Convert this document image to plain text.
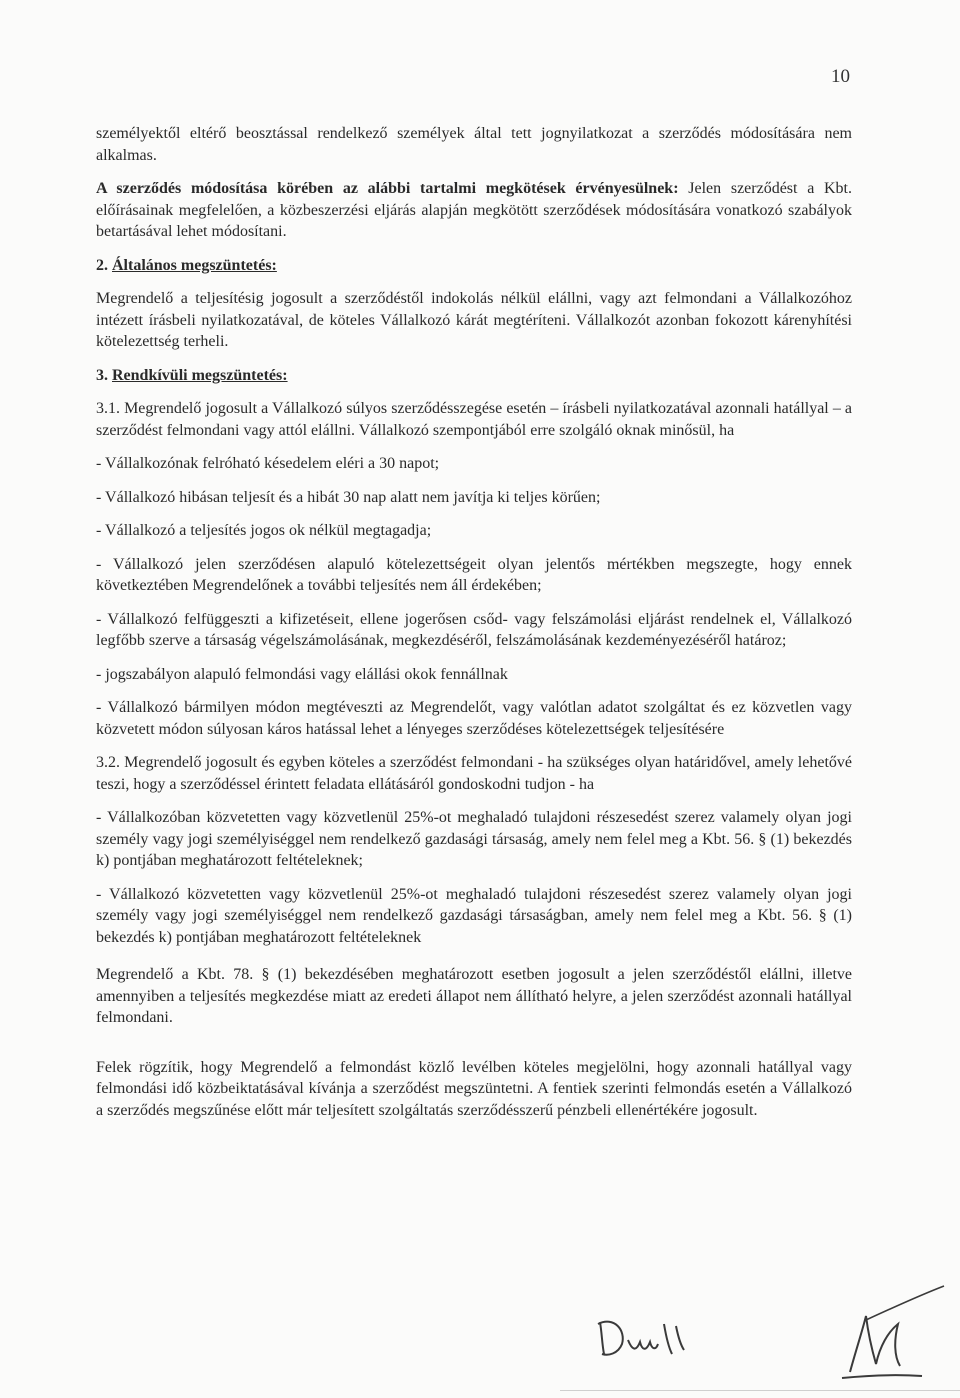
10

személyektől eltérő beosztással rendelkező személyek által tett jognyilatkozat a szerződés módosítására nem alkalmas.

A szerződés módosítása körében az alábbi tartalmi megkötések érvényesülnek: Jelen szerződést a Kbt. előírásainak megfelelően, a közbeszerzési eljárás alapján megkötött szerződések módosítására vonatkozó szabályok betartásával lehet módosítani.

2. Általános megszüntetés:

Megrendelő a teljesítésig jogosult a szerződéstől indokolás nélkül elállni, vagy azt felmondani a Vállalkozóhoz intézett írásbeli nyilatkozatával, de köteles Vállalkozó kárát megtéríteni. Vállalkozót azonban fokozott kárenyhítési kötelezettség terheli.

3. Rendkívüli megszüntetés:

3.1. Megrendelő jogosult a Vállalkozó súlyos szerződésszegése esetén – írásbeli nyilatkozatával azonnali hatállyal – a szerződést felmondani vagy attól elállni. Vállalkozó szempontjából erre szolgáló oknak minősül, ha

- Vállalkozónak felróható késedelem eléri a 30 napot;

- Vállalkozó hibásan teljesít és a hibát 30 nap alatt nem javítja ki teljes körűen;

- Vállalkozó a teljesítés jogos ok nélkül megtagadja;

- Vállalkozó jelen szerződésen alapuló kötelezettségeit olyan jelentős mértékben megszegte, hogy ennek következtében Megrendelőnek a további teljesítés nem áll érdekében;

- Vállalkozó felfüggeszti a kifizetéseit, ellene jogerősen csőd- vagy felszámolási eljárást rendelnek el, Vállalkozó legfőbb szerve a társaság végelszámolásának, megkezdéséről, felszámolásának kezdeményezéséről határoz;

- jogszabályon alapuló felmondási vagy elállási okok fennállnak

- Vállalkozó bármilyen módon megtéveszti az Megrendelőt, vagy valótlan adatot szolgáltat és ez közvetlen vagy közvetett módon súlyosan káros hatással lehet a lényeges szerződéses kötelezettségek teljesítésére

3.2. Megrendelő jogosult és egyben köteles a szerződést felmondani - ha szükséges olyan határidővel, amely lehetővé teszi, hogy a szerződéssel érintett feladata ellátásáról gondoskodni tudjon - ha

- Vállalkozóban közvetetten vagy közvetlenül 25%-ot meghaladó tulajdoni részesedést szerez valamely olyan jogi személy vagy jogi személyiséggel nem rendelkező gazdasági társaság, amely nem felel meg a Kbt. 56. § (1) bekezdés k) pontjában meghatározott feltételeknek;

- Vállalkozó közvetetten vagy közvetlenül 25%-ot meghaladó tulajdoni részesedést szerez valamely olyan jogi személy vagy jogi személyiséggel nem rendelkező gazdasági társaságban, amely nem felel meg a Kbt. 56. § (1) bekezdés k) pontjában meghatározott feltételeknek

Megrendelő a Kbt. 78. § (1) bekezdésében meghatározott esetben jogosult a jelen szerződéstől elállni, illetve amennyiben a teljesítés megkezdése miatt az eredeti állapot nem állítható helyre, a jelen szerződést azonnali hatállyal felmondani.

Felek rögzítik, hogy Megrendelő a felmondást közlő levélben köteles megjelölni, hogy azonnali hatállyal vagy felmondási idő közbeiktatásával kívánja a szerződést megszüntetni. A fentiek szerinti felmondás esetén a Vállalkozó a szerződés megszűnése előtt már teljesített szolgáltatás szerződésszerű pénzbeli ellenértékére jogosult.
